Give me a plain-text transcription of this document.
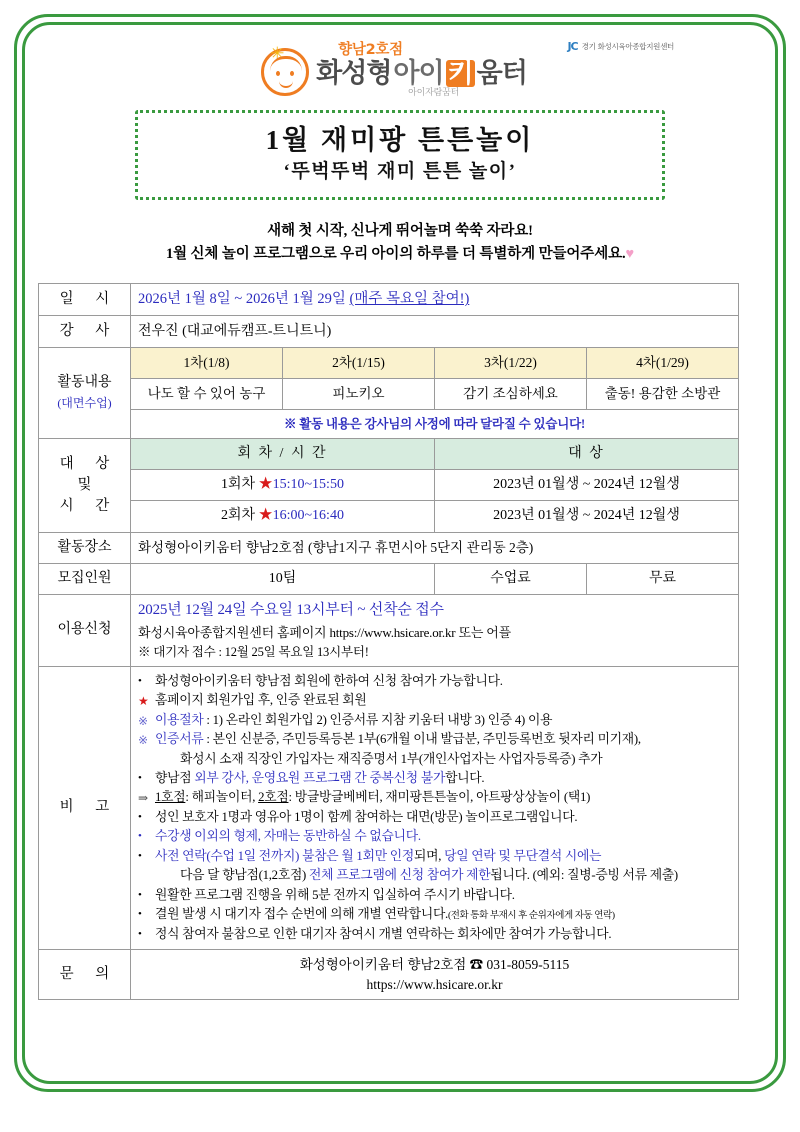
✳	향남2호점
화성형 아이 키 움터
아이자람꿈터
JC 경기 화성시육아종합지원센터
1월 재미팡 튼튼놀이
‘뚜벅뚜벅 재미 튼튼 놀이’
새해 첫 시작, 신나게 뛰어놀며 쑥쑥 자라요!
1월 신체 놀이 프로그램으로 우리 아이의 하루를 더 특별하게 만들어주세요.♥
일 시	2026년 1월 8일 ~ 2026년 1월 29일 (매주 목요일 참여!)			
강 사	전우진 (대교에듀캠프-트니트니)			
활동내용
(대면수업)	1차(1/8)	2차(1/15)	3차(1/22)	4차(1/29)
	나도 할 수 있어 농구	피노키오	감기 조심하세요	출동! 용감한 소방관
	※ 활동 내용은 강사님의 사정에 따라 달라질 수 있습니다!			

대 상
및
시 간	회 차 / 시 간		대 상	
	1회차 ★15:10~15:50		2023년 01월생 ~ 2024년 12월생	
	2회차 ★16:00~16:40		2023년 01월생 ~ 2024년 12월생	
활동장소	화성형아이키움터 향남2호점 (향남1지구 휴먼시아 5단지 관리동 2층)			
모집인원	10팀		수업료	무료
이용신청	2025년 12월 24일 수요일 13시부터 ~ 선착순 접수
화성시육아종합지원센터 홈페이지 https://www.hsicare.or.kr 또는 어플
※ 대기자 접수 : 12월 25일 목요일 13시부터!			

비 고	
•	화성형아이키움터 향남점 회원에 한하여 신청 참여가 가능합니다.
★ 홈페이지 회원가입 후, 인증 완료된 회원
※ 이용절차 : 1) 온라인 회원가입 2) 인증서류 지참 키움터 내방 3) 인증 4) 이용
※ 인증서류 : 본인 신분증, 주민등록등본 1부(6개월 이내 발급분, 주민등록번호 뒷자리 미기재),
화성시 소재 직장인 가입자는 재직증명서 1부(개인사업자는 사업자등록증) 추가
•	향남점 외부 강사, 운영요원 프로그램 간 중복신청 불가합니다.
⇒ 1호점: 해피놀이터, 2호점: 방글방글베베터, 재미팡튼튼놀이, 아트팡상상놀이 (택1)
•	성인 보호자 1명과 영유아 1명이 함께 참여하는 대면(방문) 놀이프로그램입니다.
•	수강생 이외의 형제, 자매는 동반하실 수 없습니다.
•	사전 연락(수업 1일 전까지) 불참은 월 1회만 인정되며, 당일 연락 및 무단결석 시에는
다음 달 향남점(1,2호점) 전체 프로그램에 신청 참여가 제한됩니다. (예외: 질병-증빙 서류 제출)
•	원활한 프로그램 진행을 위해 5분 전까지 입실하여 주시기 바랍니다.
•	결원 발생 시 대기자 접수 순번에 의해 개별 연락합니다.(전화 통화 부재시 후 순위자에게 자동 연락)
•	정식 참여자 불참으로 인한 대기자 참여시 개별 연락하는 회차에만 참여가 가능합니다.

문 의	화성형아이키움터 향남2호점 ☎ 031-8059-5115
https://www.hsicare.or.kr			
